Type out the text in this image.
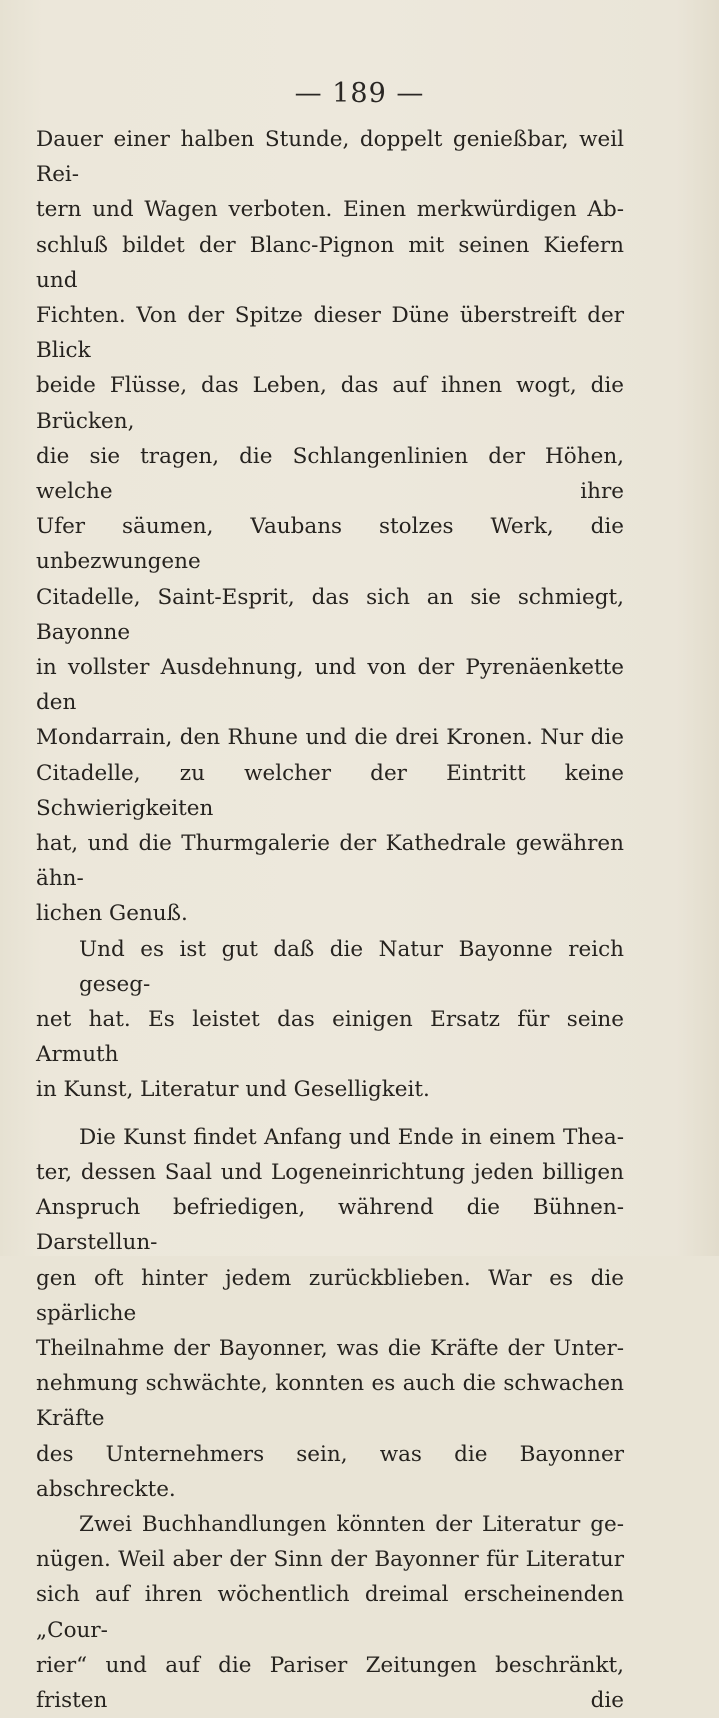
— 189 —
Dauer einer halben Stunde, doppelt genießbar, weil Rei-
tern und Wagen verboten. Einen merkwürdigen Ab-
schluß bildet der Blanc-Pignon mit seinen Kiefern und
Fichten. Von der Spitze dieser Düne überstreift der Blick
beide Flüsse, das Leben, das auf ihnen wogt, die Brücken,
die sie tragen, die Schlangenlinien der Höhen, welche ihre
Ufer säumen, Vaubans stolzes Werk, die unbezwungene
Citadelle, Saint-Esprit, das sich an sie schmiegt, Bayonne
in vollster Ausdehnung, und von der Pyrenäenkette den
Mondarrain, den Rhune und die drei Kronen. Nur die
Citadelle, zu welcher der Eintritt keine Schwierigkeiten
hat, und die Thurmgalerie der Kathedrale gewähren ähn-
lichen Genuß.
Und es ist gut daß die Natur Bayonne reich geseg-
net hat. Es leistet das einigen Ersatz für seine Armuth
in Kunst, Literatur und Geselligkeit.
Die Kunst findet Anfang und Ende in einem Thea-
ter, dessen Saal und Logeneinrichtung jeden billigen
Anspruch befriedigen, während die Bühnen-Darstellun-
gen oft hinter jedem zurückblieben. War es die spärliche
Theilnahme der Bayonner, was die Kräfte der Unter-
nehmung schwächte, konnten es auch die schwachen Kräfte
des Unternehmers sein, was die Bayonner abschreckte.
Zwei Buchhandlungen könnten der Literatur ge-
nügen. Weil aber der Sinn der Bayonner für Literatur
sich auf ihren wöchentlich dreimal erscheinenden „Cour-
rier“ und auf die Pariser Zeitungen beschränkt, fristen die
